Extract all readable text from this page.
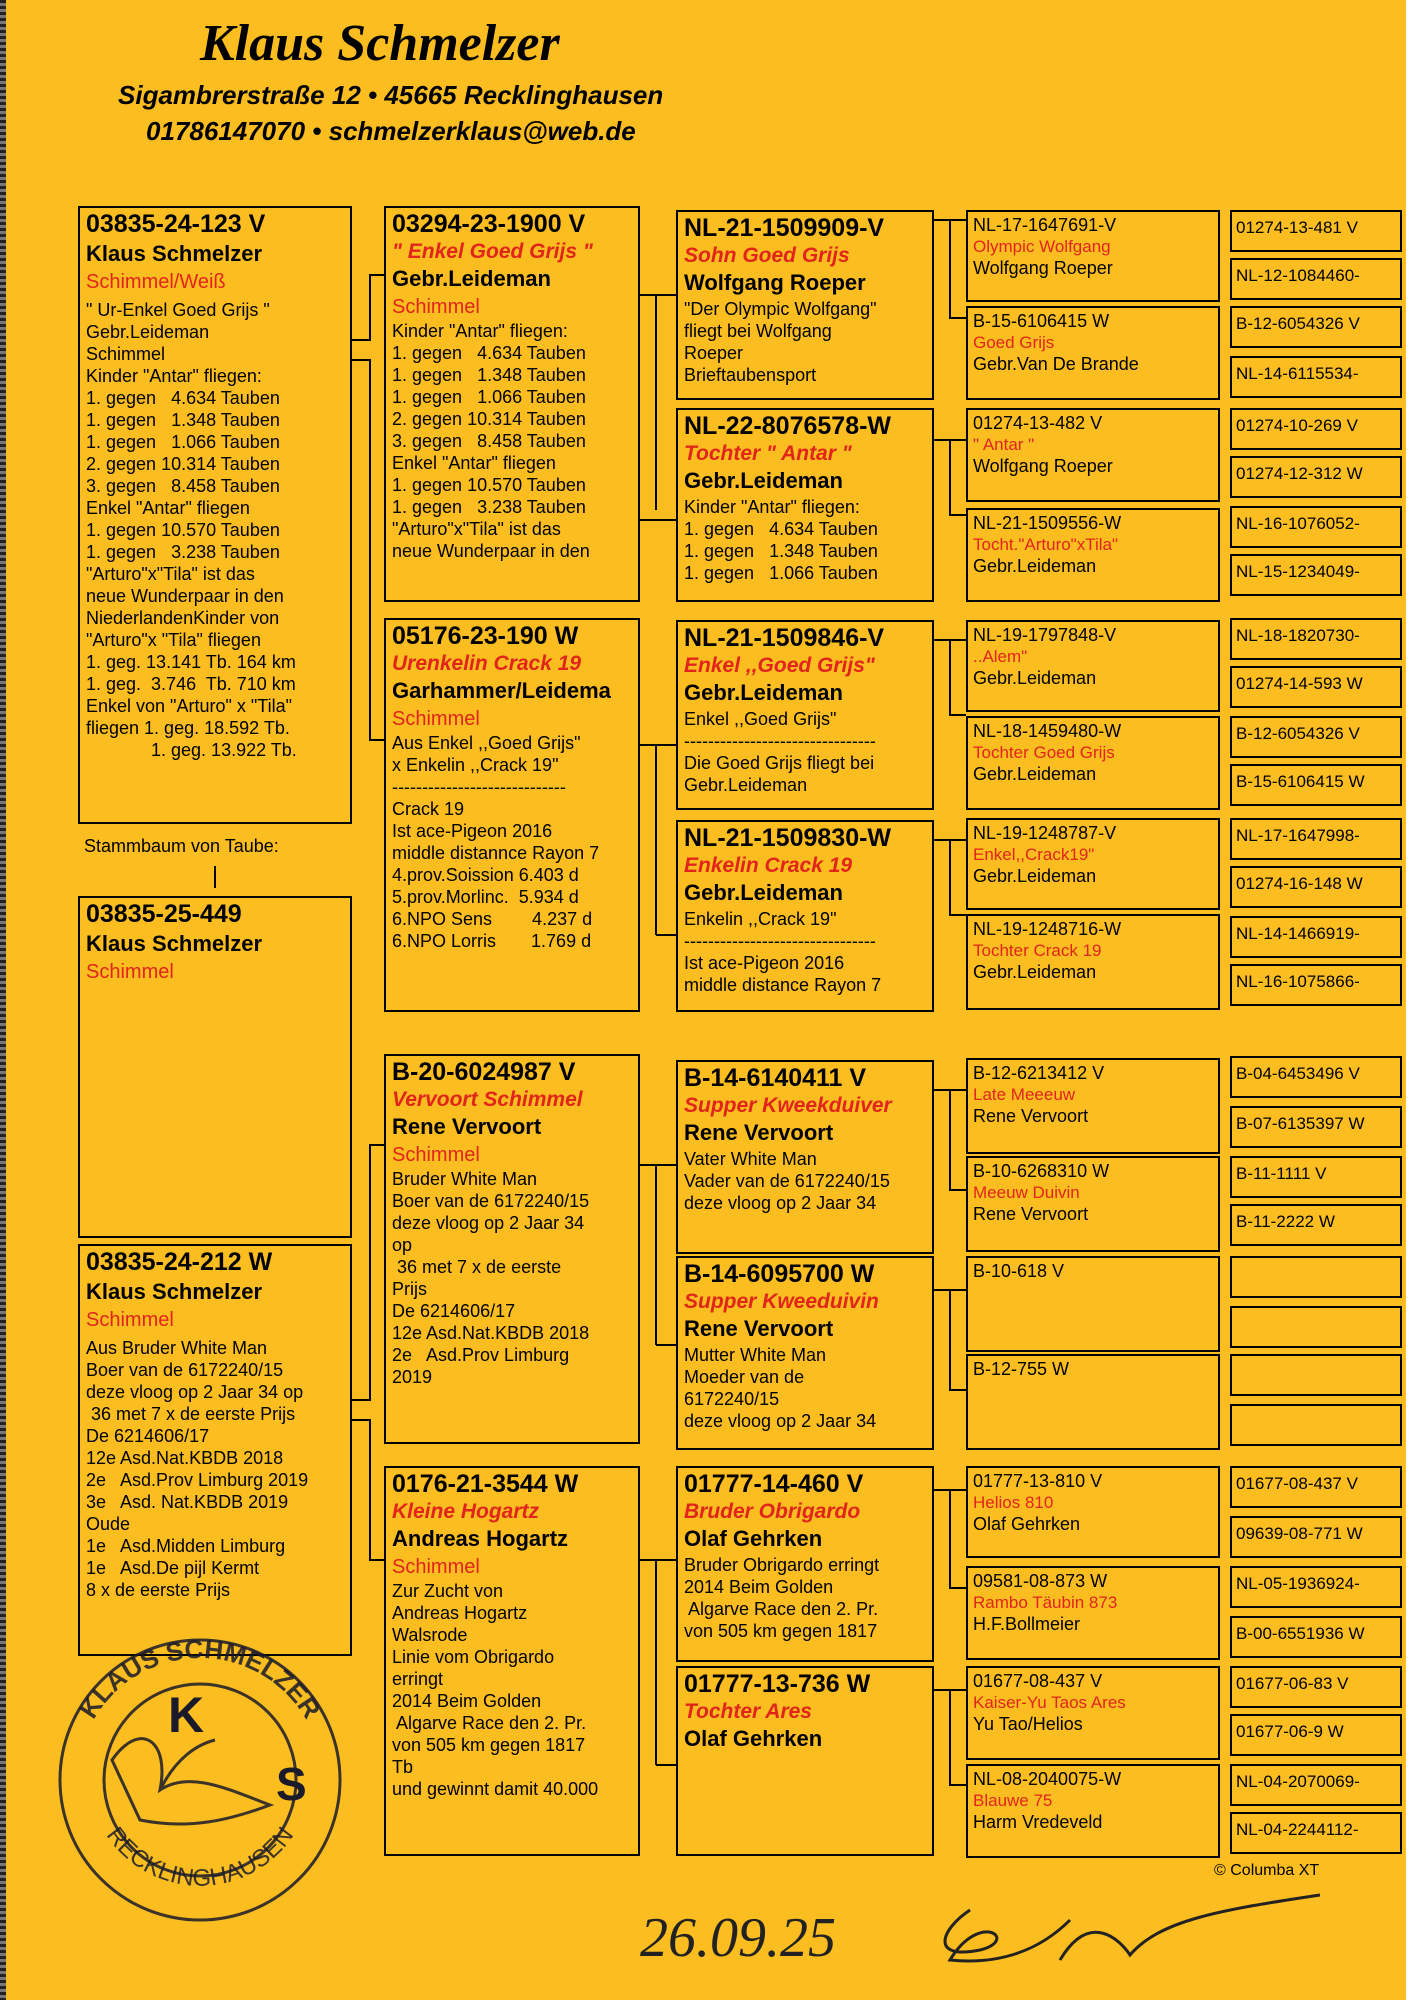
Klaus Schmelzer
Sigambrerstraße 12 • 45665 Recklinghausen
01786147070 • schmelzerklaus@web.de
03835-24-123 V
Klaus Schmelzer
Schimmel/Weiß
" Ur-Enkel Goed Grijs "
Gebr.Leideman
Schimmel
Kinder "Antar" fliegen:
1. gegen   4.634 Tauben
1. gegen   1.348 Tauben
1. gegen   1.066 Tauben
2. gegen 10.314 Tauben
3. gegen   8.458 Tauben
Enkel "Antar" fliegen
1. gegen 10.570 Tauben
1. gegen   3.238 Tauben
"Arturo"x"Tila" ist das
neue Wunderpaar in den
NiederlandenKinder von
"Arturo"x "Tila" fliegen
1. geg. 13.141 Tb. 164 km
1. geg.  3.746  Tb. 710 km
Enkel von "Arturo" x "Tila"
fliegen 1. geg. 18.592 Tb.
1. geg. 13.922 Tb.
Stammbaum von Taube:
03835-25-449
Klaus Schmelzer
Schimmel
03835-24-212 W
Klaus Schmelzer
Schimmel
Aus Bruder White Man
Boer van de 6172240/15
deze vloog op 2 Jaar 34 op
36 met 7 x de eerste Prijs
De 6214606/17
12e Asd.Nat.KBDB 2018
2e   Asd.Prov Limburg 2019
3e   Asd. Nat.KBDB 2019
Oude
1e   Asd.Midden Limburg
1e   Asd.De pijl Kermt
8 x de eerste Prijs
03294-23-1900 V
" Enkel Goed Grijs "
Gebr.Leideman
Schimmel
Kinder "Antar" fliegen:
1. gegen   4.634 Tauben
1. gegen   1.348 Tauben
1. gegen   1.066 Tauben
2. gegen 10.314 Tauben
3. gegen   8.458 Tauben
Enkel "Antar" fliegen
1. gegen 10.570 Tauben
1. gegen   3.238 Tauben
"Arturo"x"Tila" ist das
neue Wunderpaar in den
05176-23-190 W
Urenkelin Crack 19
Garhammer/Leidema
Schimmel
Aus Enkel ,,Goed Grijs"
x Enkelin ,,Crack 19"
-----------------------------
Crack 19
Ist ace-Pigeon 2016
middle distannce Rayon 7
4.prov.Soission 6.403 d
5.prov.Morlinc.  5.934 d
6.NPO Sens        4.237 d
6.NPO Lorris       1.769 d
B-20-6024987 V
Vervoort Schimmel
Rene Vervoort
Schimmel
Bruder White Man
Boer van de 6172240/15
deze vloog op 2 Jaar 34
op
36 met 7 x de eerste
Prijs
De 6214606/17
12e Asd.Nat.KBDB 2018
2e   Asd.Prov Limburg
2019
0176-21-3544 W
Kleine Hogartz
Andreas Hogartz
Schimmel
Zur Zucht von
Andreas Hogartz
Walsrode
Linie vom Obrigardo
erringt
2014 Beim Golden
Algarve Race den 2. Pr.
von 505 km gegen 1817
Tb
und gewinnt damit 40.000
NL-21-1509909-V
Sohn Goed Grijs
Wolfgang Roeper
"Der Olympic Wolfgang"
fliegt bei Wolfgang
Roeper
Brieftaubensport
NL-22-8076578-W
Tochter " Antar "
Gebr.Leideman
Kinder "Antar" fliegen:
1. gegen   4.634 Tauben
1. gegen   1.348 Tauben
1. gegen   1.066 Tauben
NL-21-1509846-V
Enkel ,,Goed Grijs"
Gebr.Leideman
Enkel ,,Goed Grijs"
--------------------------------
Die Goed Grijs fliegt bei
Gebr.Leideman
NL-21-1509830-W
Enkelin Crack 19
Gebr.Leideman
Enkelin ,,Crack 19"
--------------------------------
Ist ace-Pigeon 2016
middle distance Rayon 7
B-14-6140411 V
Supper Kweekduiver
Rene Vervoort
Vater White Man
Vader van de 6172240/15
deze vloog op 2 Jaar 34
B-14-6095700 W
Supper Kweeduivin
Rene Vervoort
Mutter White Man
Moeder van de
6172240/15
deze vloog op 2 Jaar 34
01777-14-460 V
Bruder Obrigardo
Olaf Gehrken
Bruder Obrigardo erringt
2014 Beim Golden
Algarve Race den 2. Pr.
von 505 km gegen 1817
01777-13-736 W
Tochter Ares
Olaf Gehrken
NL-17-1647691-V
Olympic Wolfgang
Wolfgang Roeper
B-15-6106415 W
Goed Grijs
Gebr.Van De Brande
01274-13-482 V
" Antar "
Wolfgang Roeper
NL-21-1509556-W
Tocht."Arturo"xTila"
Gebr.Leideman
NL-19-1797848-V
..Alem"
Gebr.Leideman
NL-18-1459480-W
Tochter Goed Grijs
Gebr.Leideman
NL-19-1248787-V
Enkel,,Crack19"
Gebr.Leideman
NL-19-1248716-W
Tochter Crack 19
Gebr.Leideman
B-12-6213412 V
Late Meeeuw
Rene Vervoort
B-10-6268310 W
Meeuw Duivin
Rene Vervoort
B-10-618 V
B-12-755 W
01777-13-810 V
Helios 810
Olaf Gehrken
09581-08-873 W
Rambo Täubin 873
H.F.Bollmeier
01677-08-437 V
Kaiser-Yu Taos Ares
Yu Tao/Helios
NL-08-2040075-W
Blauwe 75
Harm Vredeveld
01274-13-481 V
NL-12-1084460-
B-12-6054326 V
NL-14-6115534-
01274-10-269 V
01274-12-312 W
NL-16-1076052-
NL-15-1234049-
NL-18-1820730-
01274-14-593 W
B-12-6054326 V
B-15-6106415 W
NL-17-1647998-
01274-16-148 W
NL-14-1466919-
NL-16-1075866-
B-04-6453496 V
B-07-6135397 W
B-11-1111 V
B-11-2222 W
01677-08-437 V
09639-08-771 W
NL-05-1936924-
B-00-6551936 W
01677-06-83 V
01677-06-9 W
NL-04-2070069-
NL-04-2244112-
© Columba XT
KLAUS SCHMELZER
RECKLINGHAUSEN
K
S
26.09.25
